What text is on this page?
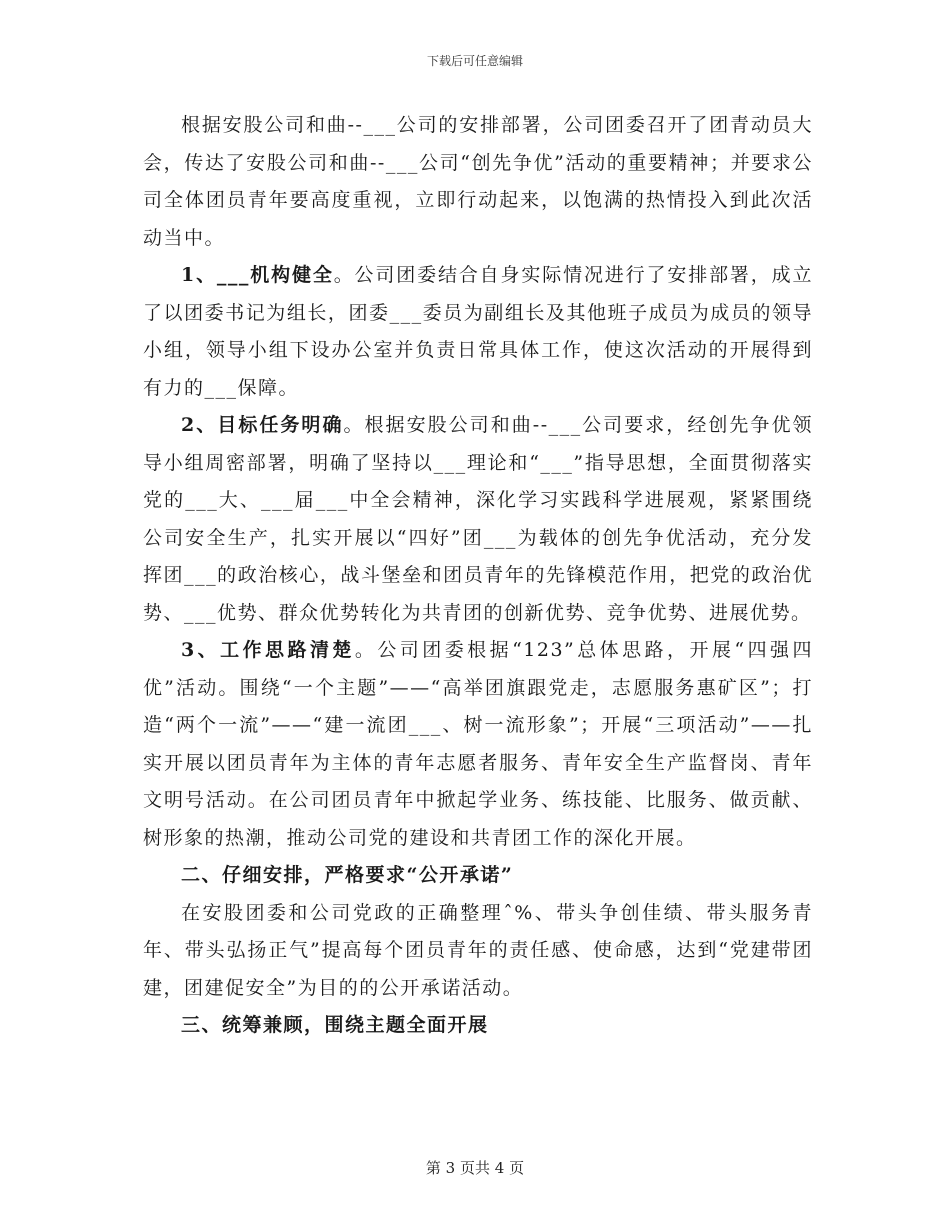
下载后可任意编辑

根据安股公司和曲--___公司的安排部署，公司团委召开了团青动员大会，传达了安股公司和曲--___公司“创先争优”活动的重要精神；并要求公司全体团员青年要高度重视，立即行动起来，以饱满的热情投入到此次活动当中。

1、___机构健全。公司团委结合自身实际情况进行了安排部署，成立了以团委书记为组长，团委___委员为副组长及其他班子成员为成员的领导小组，领导小组下设办公室并负责日常具体工作，使这次活动的开展得到有力的___保障。

2、目标任务明确。根据安股公司和曲--___公司要求，经创先争优领导小组周密部署，明确了坚持以___理论和“___”指导思想，全面贯彻落实党的___大、___届___中全会精神，深化学习实践科学进展观，紧紧围绕公司安全生产，扎实开展以“四好”团___为载体的创先争优活动，充分发挥团___的政治核心，战斗堡垒和团员青年的先锋模范作用，把党的政治优势、___优势、群众优势转化为共青团的创新优势、竞争优势、进展优势。

3、工作思路清楚。公司团委根据“123”总体思路，开展“四强四优”活动。围绕“一个主题”——“高举团旗跟党走，志愿服务惠矿区”；打造“两个一流”——“建一流团___、树一流形象”；开展“三项活动”——扎实开展以团员青年为主体的青年志愿者服务、青年安全生产监督岗、青年文明号活动。在公司团员青年中掀起学业务、练技能、比服务、做贡献、树形象的热潮，推动公司党的建设和共青团工作的深化开展。

二、仔细安排，严格要求“公开承诺”

在安股团委和公司党政的正确整理ˆ%、带头争创佳绩、带头服务青年、带头弘扬正气”提高每个团员青年的责任感、使命感，达到“党建带团建，团建促安全”为目的的公开承诺活动。

三、统筹兼顾，围绕主题全面开展

第 3 页共 4 页
